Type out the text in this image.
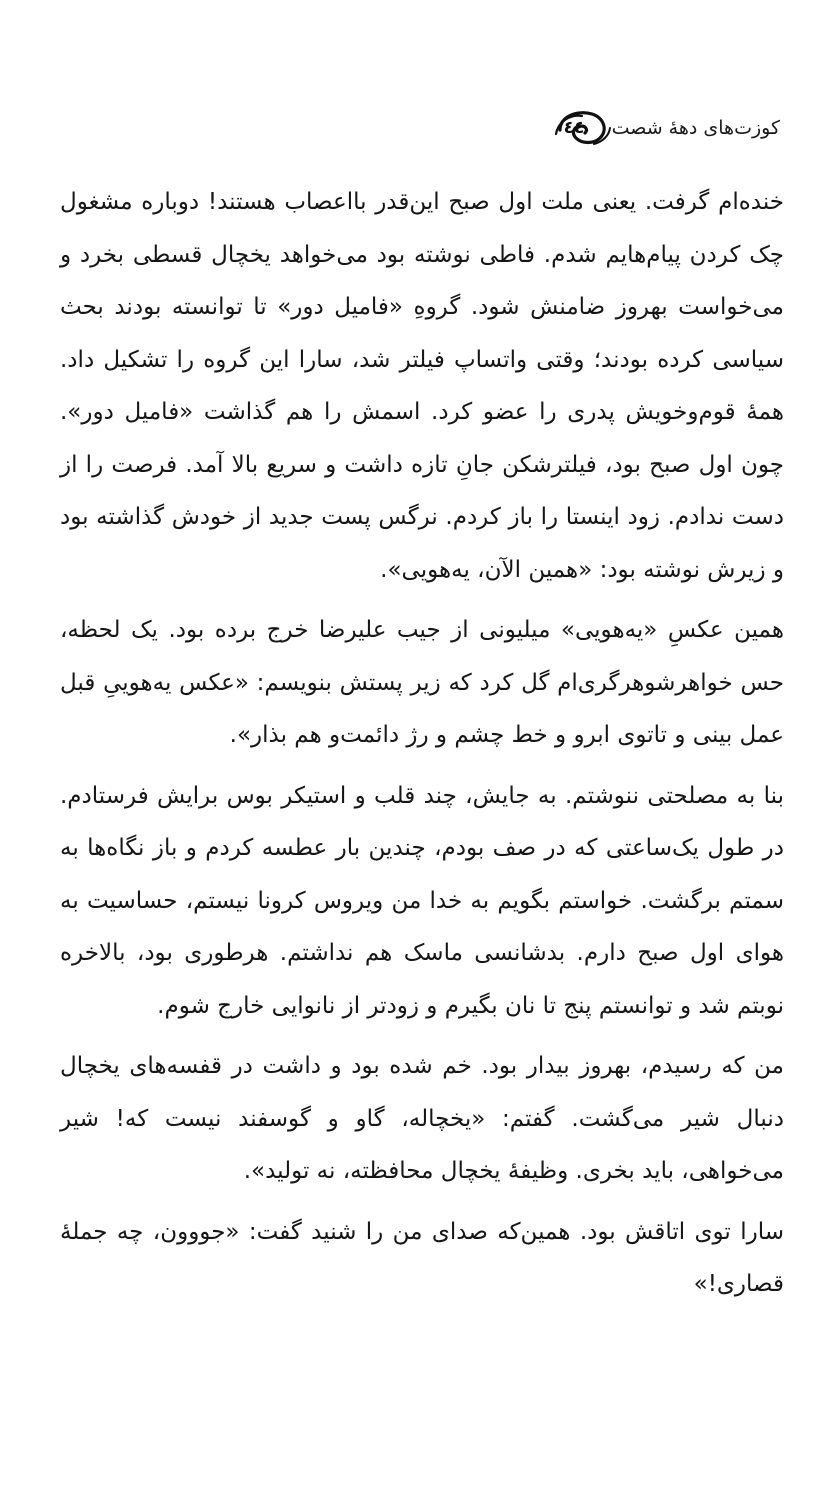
٤٤ کوزت‌های دههٔ شصت

خنده‌ام گرفت. یعنی ملت اول صبح این‌قدر بااعصاب هستند! دوباره مشغول چک کردن پیام‌هایم شدم. فاطی نوشته بود می‌خواهد یخچال قسطی بخرد و می‌خواست بهروز ضامنش شود. گروهِ «فامیل دور» تا توانسته بودند بحث سیاسی کرده بودند؛ وقتی واتساپ فیلتر شد، سارا این گروه را تشکیل داد. همهٔ قوم‌وخویش پدری را عضو کرد. اسمش را هم گذاشت «فامیل دور». چون اول صبح بود، فیلترشکن جانِ تازه داشت و سریع بالا آمد. فرصت را از دست ندادم. زود اینستا را باز کردم. نرگس پست جدید از خودش گذاشته بود و زیرش نوشته بود: «همین الآن، یه‌هویی».

همین عکسِ «یه‌هویی» میلیونی از جیب علیرضا خرج برده بود. یک لحظه، حس خواهرشوهرگری‌ام گل کرد که زیر پستش بنویسم: «عکس یه‌هوییِ قبل عمل بینی و تاتوی ابرو و خط چشم و رژ دائمت‌و هم بذار».

بنا به مصلحتی ننوشتم. به جایش، چند قلب و استیکر بوس برایش فرستادم. در طول یک‌ساعتی که در صف بودم، چندین بار عطسه کردم و باز نگاه‌ها به سمتم برگشت. خواستم بگویم به خدا من ویروس کرونا نیستم، حساسیت به هوای اول صبح دارم. بدشانسی ماسک هم نداشتم. هرطوری بود، بالاخره نوبتم شد و توانستم پنج تا نان بگیرم و زودتر از نانوایی خارج شوم.

من که رسیدم، بهروز بیدار بود. خم شده بود و داشت در قفسه‌های یخچال دنبال شیر می‌گشت. گفتم: «یخچاله، گاو و گوسفند نیست که! شیر می‌خواهی، باید بخری. وظیفهٔ یخچال محافظته، نه تولید».

سارا توی اتاقش بود. همین‌که صدای من را شنید گفت: «جووون، چه جملهٔ قصاری!»
